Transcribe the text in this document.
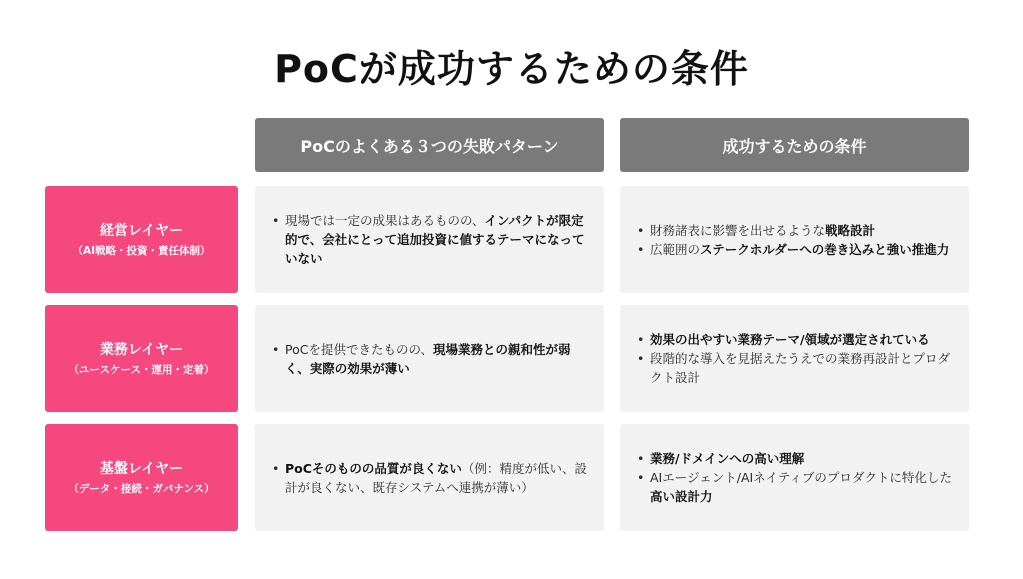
PoCが成功するための条件
PoCのよくある３つの失敗パターン	成功するための条件
経営レイヤー
（AI戦略・投資・責任体制）
• 現場では一定の成果はあるものの、インパクトが限定的で、会社にとって追加投資に値するテーマになっていない
• 財務諸表に影響を出せるような戦略設計
• 広範囲のステークホルダーへの巻き込みと強い推進力
業務レイヤー
（ユースケース・運用・定着）
• PoCを提供できたものの、現場業務との親和性が弱く、実際の効果が薄い
• 効果の出やすい業務テーマ/領域が選定されている
• 段階的な導入を見据えたうえでの業務再設計とプロダクト設計
基盤レイヤー
（データ・接続・ガバナンス）
• PoCそのものの品質が良くない（例：精度が低い、設計が良くない、既存システムへ連携が薄い）
• 業務/ドメインへの高い理解
• AIエージェント/AIネイティブのプロダクトに特化した高い設計力
